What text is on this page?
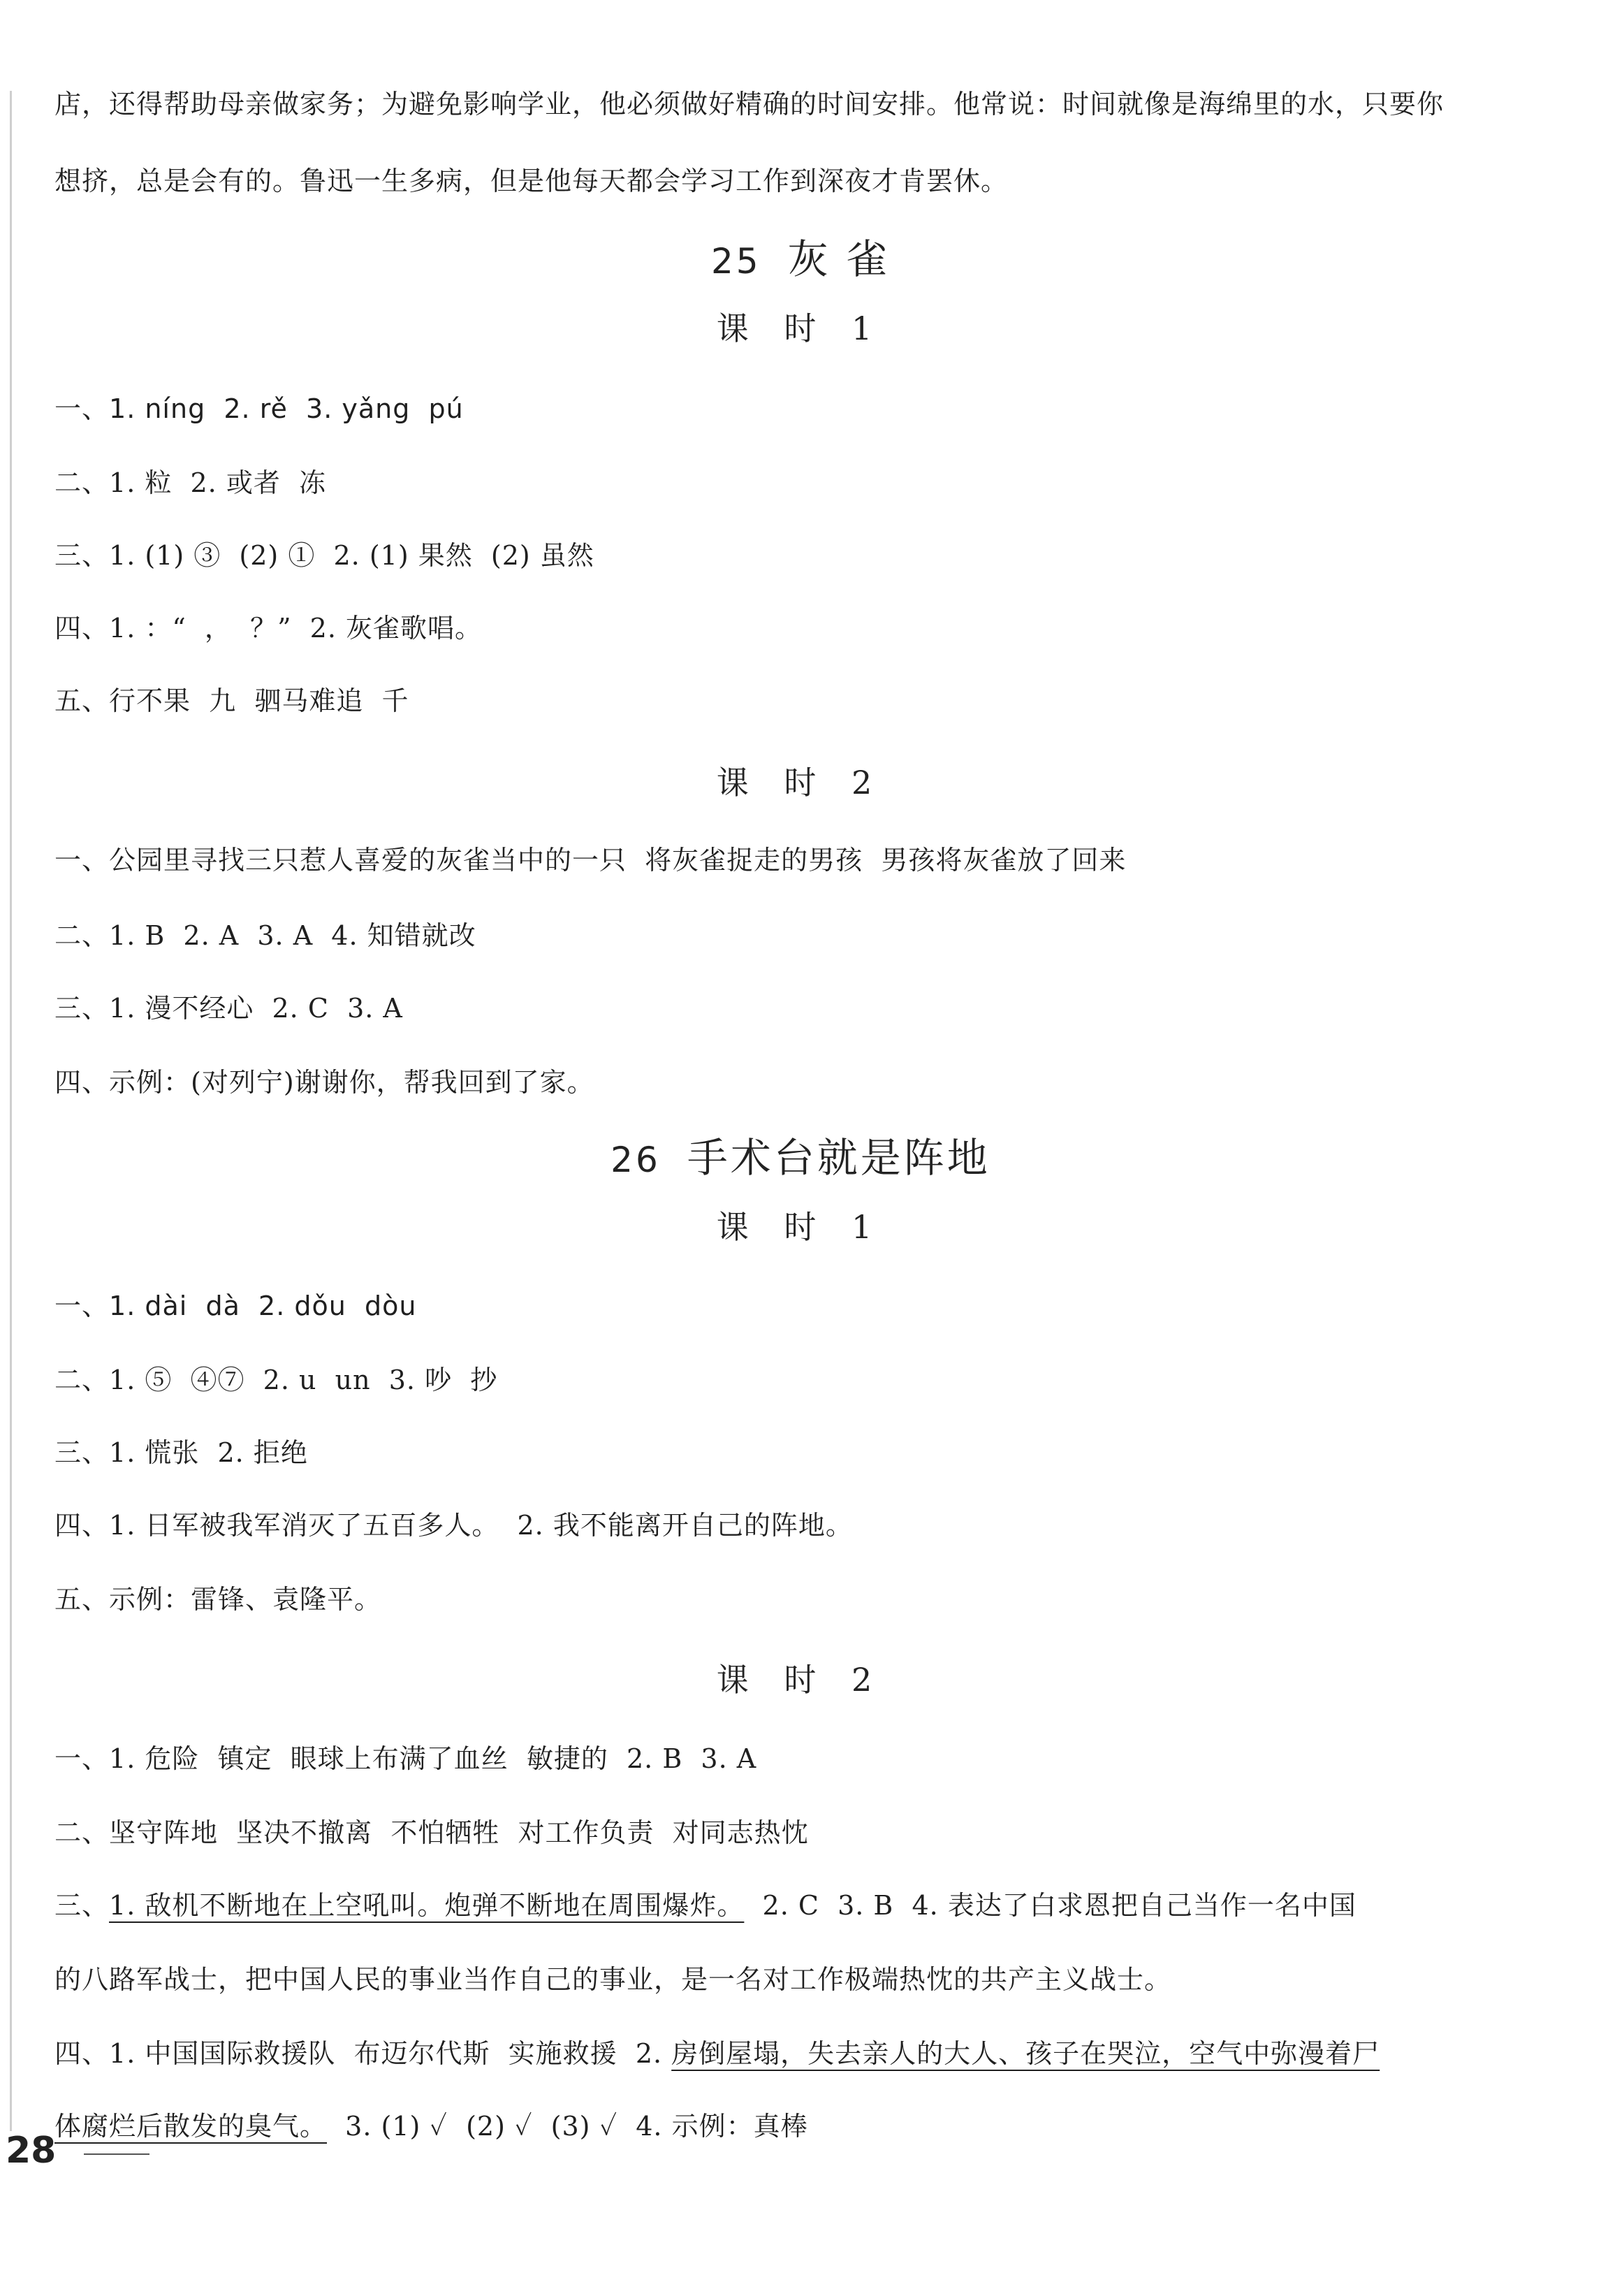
店，还得帮助母亲做家务；为避免影响学业，他必须做好精确的时间安排。他常说：时间就像是海绵里的水，只要你
想挤，总是会有的。鲁迅一生多病，但是他每天都会学习工作到深夜才肯罢休。
25 灰 雀
课 时 1
一、1. níng  2. rě  3. yǎng  pú
二、1. 粒  2. 或者  冻
三、1. (1) ③  (2) ①  2. (1) 果然  (2) 虽然
四、1. ：“  ，  ？”  2. 灰雀歌唱。
五、行不果  九  驷马难追  千
课 时 2
一、公园里寻找三只惹人喜爱的灰雀当中的一只  将灰雀捉走的男孩  男孩将灰雀放了回来
二、1. B  2. A  3. A  4. 知错就改
三、1. 漫不经心  2. C  3. A
四、示例：(对列宁)谢谢你，帮我回到了家。
26 手术台就是阵地
课 时 1
一、1. dài  dà  2. dǒu  dòu
二、1. ⑤  ④⑦  2. u  un  3. 吵  抄
三、1. 慌张  2. 拒绝
四、1. 日军被我军消灭了五百多人。  2. 我不能离开自己的阵地。
五、示例：雷锋、袁隆平。
课 时 2
一、1. 危险  镇定  眼球上布满了血丝  敏捷的  2. B  3. A
二、坚守阵地  坚决不撤离  不怕牺牲  对工作负责  对同志热忱
三、1. 敌机不断地在上空吼叫。炮弹不断地在周围爆炸。  2. C  3. B  4. 表达了白求恩把自己当作一名中国
的八路军战士，把中国人民的事业当作自己的事业，是一名对工作极端热忱的共产主义战士。
四、1. 中国国际救援队  布迈尔代斯  实施救援  2. 房倒屋塌，失去亲人的大人、孩子在哭泣，空气中弥漫着尸
体腐烂后散发的臭气。  3. (1) ✓  (2) ✓  (3) ✓  4. 示例：真棒
28
